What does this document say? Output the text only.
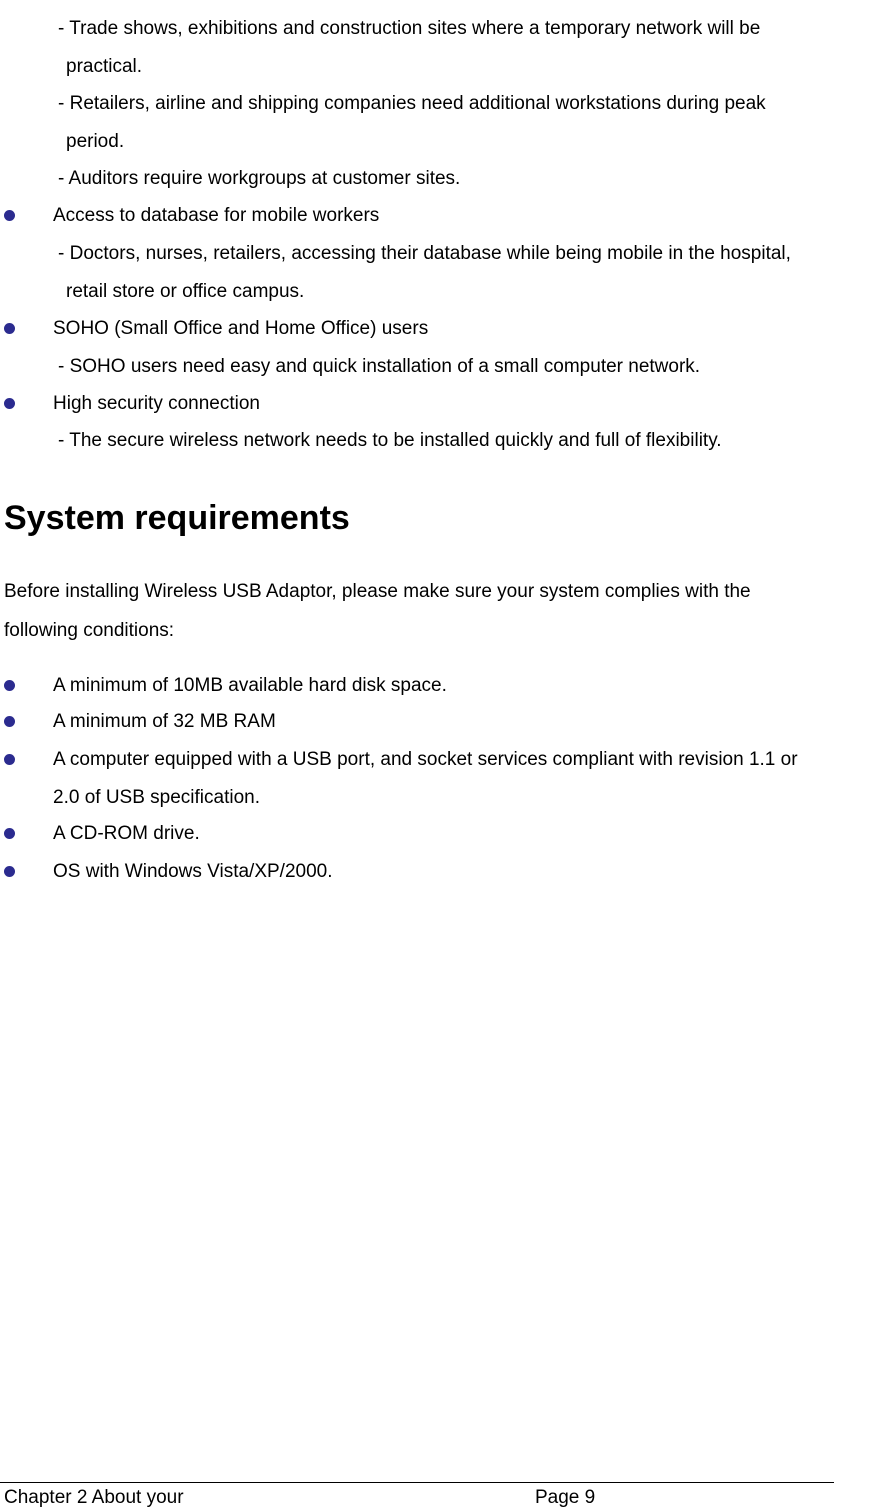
- Trade shows, exhibitions and construction sites where a temporary network will be
practical.
- Retailers, airline and shipping companies need additional workstations during peak
period.
- Auditors require workgroups at customer sites.
Access to database for mobile workers
- Doctors, nurses, retailers, accessing their database while being mobile in the hospital,
retail store or office campus.
SOHO (Small Office and Home Office) users
- SOHO users need easy and quick installation of a small computer network.
High security connection
- The secure wireless network needs to be installed quickly and full of flexibility.
System requirements
Before installing Wireless USB Adaptor, please make sure your system complies with the
following conditions:
A minimum of 10MB available hard disk space.
A minimum of 32 MB RAM
A computer equipped with a USB port, and socket services compliant with revision 1.1 or
2.0 of USB specification.
A CD-ROM drive.
OS with Windows Vista/XP/2000.
Chapter 2 About your	Page 9
